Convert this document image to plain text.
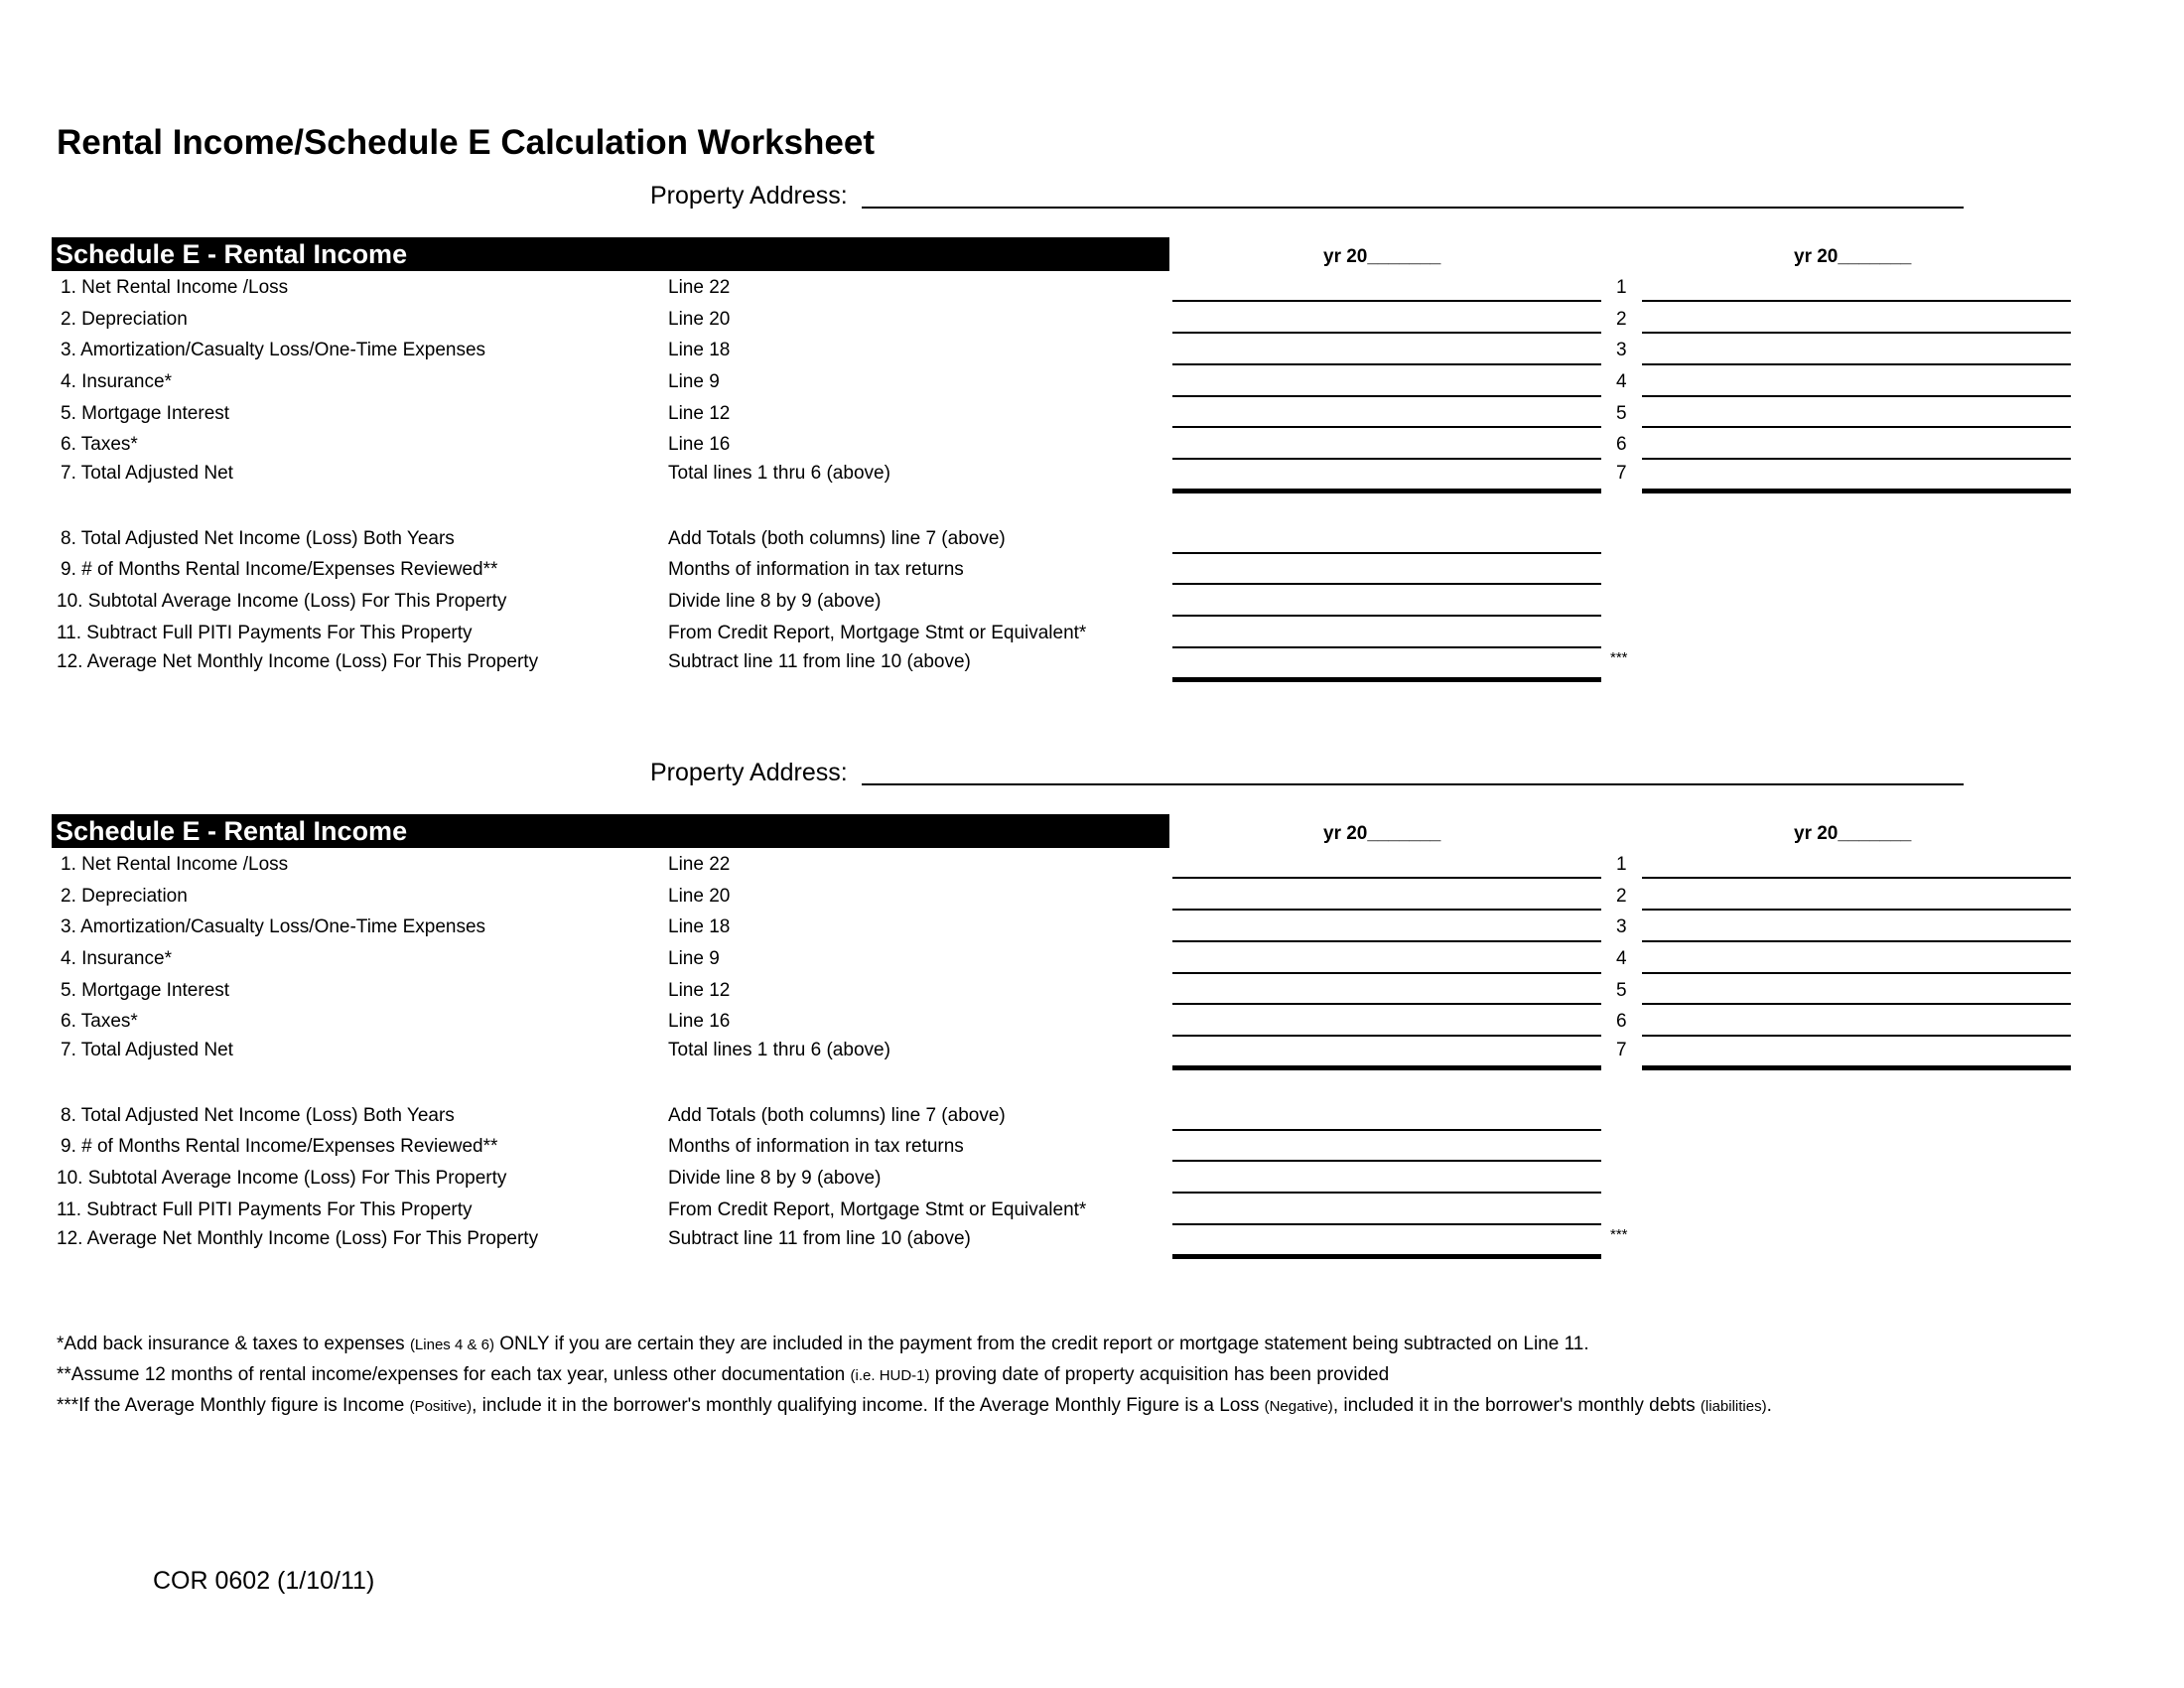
Rental Income/Schedule E Calculation Worksheet
Property Address:
Schedule E - Rental Income	yr 20_______	yr 20_______
1. Net Rental Income /Loss	Line 22	1
2. Depreciation	Line 20	2
3. Amortization/Casualty Loss/One-Time Expenses	Line 18	3
4. Insurance*	Line 9	4
5. Mortgage Interest	Line 12	5
6. Taxes*	Line 16	6
7. Total Adjusted Net	Total lines 1 thru 6 (above)	7
8. Total Adjusted Net Income (Loss) Both Years	Add Totals (both columns) line 7 (above)
9. # of Months Rental Income/Expenses Reviewed**	Months of information in tax returns
10. Subtotal Average Income (Loss) For This Property	Divide line 8 by 9 (above)
11. Subtract Full PITI Payments For This Property	From Credit Report, Mortgage Stmt or Equivalent*
12. Average Net Monthly Income (Loss) For This Property	Subtract line 11 from line 10 (above)	***
Property Address:
Schedule E - Rental Income	yr 20_______	yr 20_______
1. Net Rental Income /Loss	Line 22	1
2. Depreciation	Line 20	2
3. Amortization/Casualty Loss/One-Time Expenses	Line 18	3
4. Insurance*	Line 9	4
5. Mortgage Interest	Line 12	5
6. Taxes*	Line 16	6
7. Total Adjusted Net	Total lines 1 thru 6 (above)	7
8. Total Adjusted Net Income (Loss) Both Years	Add Totals (both columns) line 7 (above)
9. # of Months Rental Income/Expenses Reviewed**	Months of information in tax returns
10. Subtotal Average Income (Loss) For This Property	Divide line 8 by 9 (above)
11. Subtract Full PITI Payments For This Property	From Credit Report, Mortgage Stmt or Equivalent*
12. Average Net Monthly Income (Loss) For This Property	Subtract line 11 from line 10 (above)	***
*Add back insurance & taxes to expenses (Lines 4 & 6) ONLY if you are certain they are included in the payment from the credit report or mortgage statement being subtracted on Line 11.
**Assume 12 months of rental income/expenses for each tax year, unless other documentation (i.e. HUD-1) proving date of property acquisition has been provided
***If the Average Monthly figure is Income (Positive), include it in the borrower's monthly qualifying income. If the Average Monthly Figure is a Loss (Negative), included it in the borrower's monthly debts (liabilities).
COR 0602 (1/10/11)
